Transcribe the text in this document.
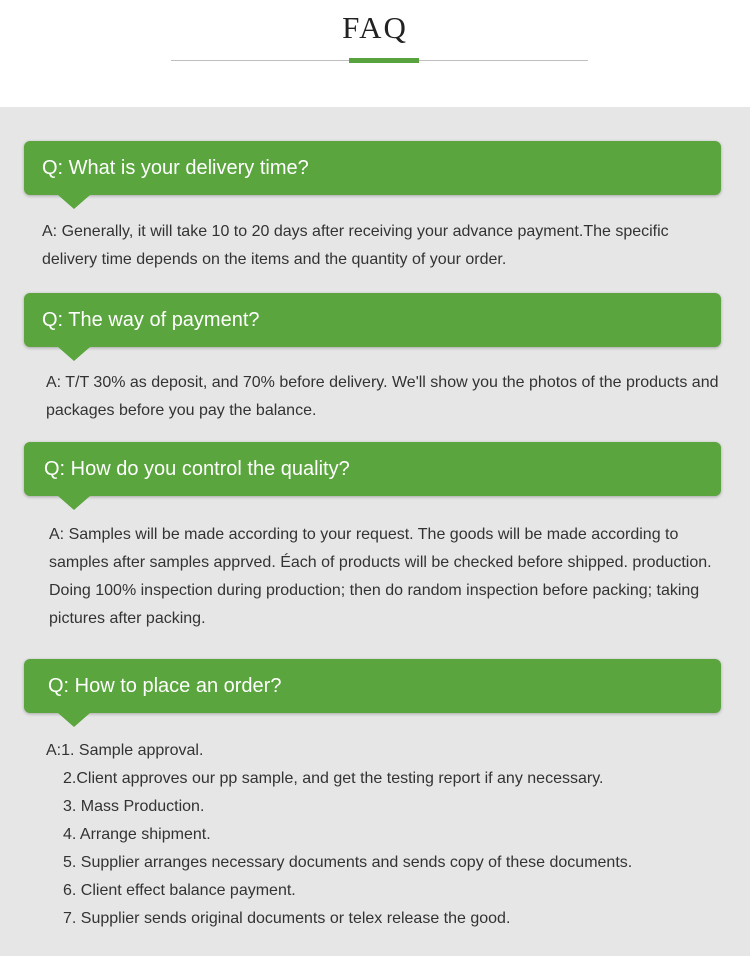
FAQ
Q: What is your delivery time?
A: Generally, it will take 10 to 20 days after receiving your advance payment.The specific
delivery time depends on the items and the quantity of your order.
Q: The way of payment?
A: T/T 30% as deposit, and 70% before delivery. We'll show you the photos of the products and
packages before you pay the balance.
Q: How do you control the quality?
A: Samples will be made according to your request. The goods will be made according to
samples after samples apprved. Éach of products will be checked before shipped. production.
Doing 100% inspection during production; then do random inspection before packing; taking
pictures after packing.
Q: How to place an order?
A:1. Sample approval.
2.Client approves our pp sample, and get the testing report if any necessary.
3. Mass Production.
4. Arrange shipment.
5. Supplier arranges necessary documents and sends copy of these documents.
6. Client effect balance payment.
7. Supplier sends original documents or telex release the good.
